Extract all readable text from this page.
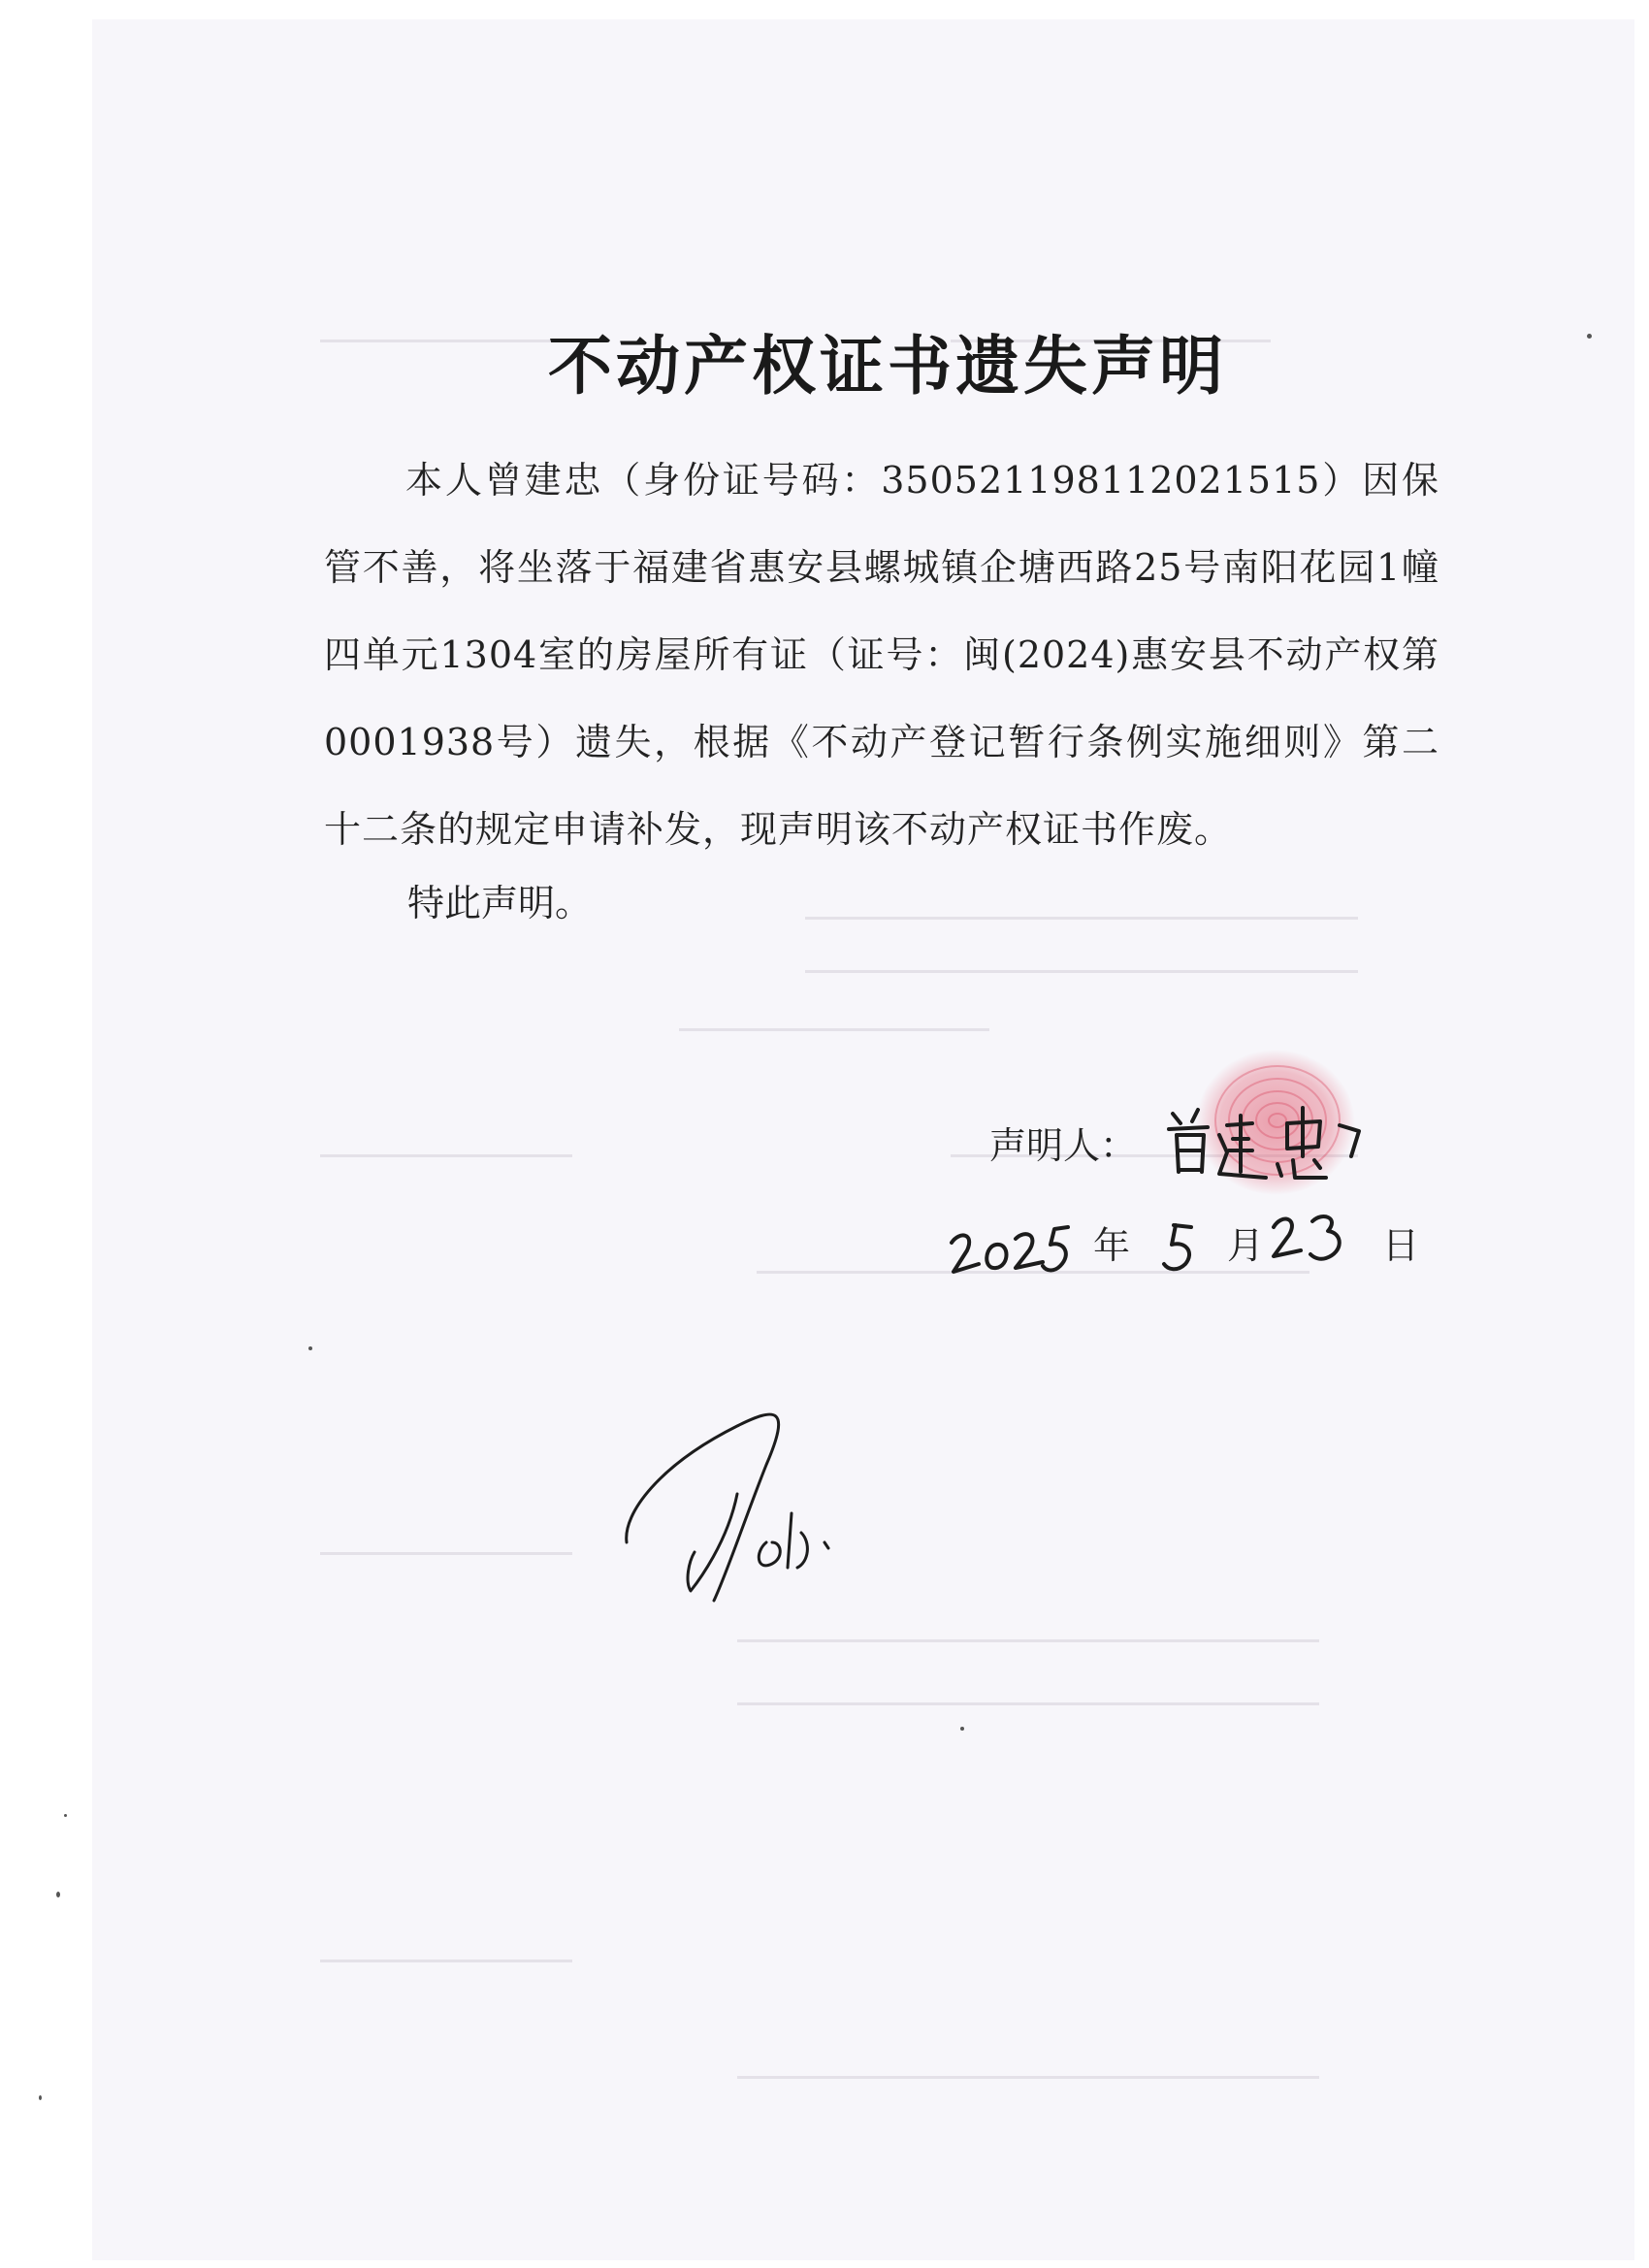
不动产权证书遗失声明

本人曾建忠（身份证号码：350521198112021515）因保管不善，将坐落于福建省惠安县螺城镇企塘西路25号南阳花园1幢四单元1304室的房屋所有证（证号：闽(2024)惠安县不动产权第0001938号）遗失，根据《不动产登记暂行条例实施细则》第二十二条的规定申请补发，现声明该不动产权证书作废。

特此声明。
声明人：
年	月	日
